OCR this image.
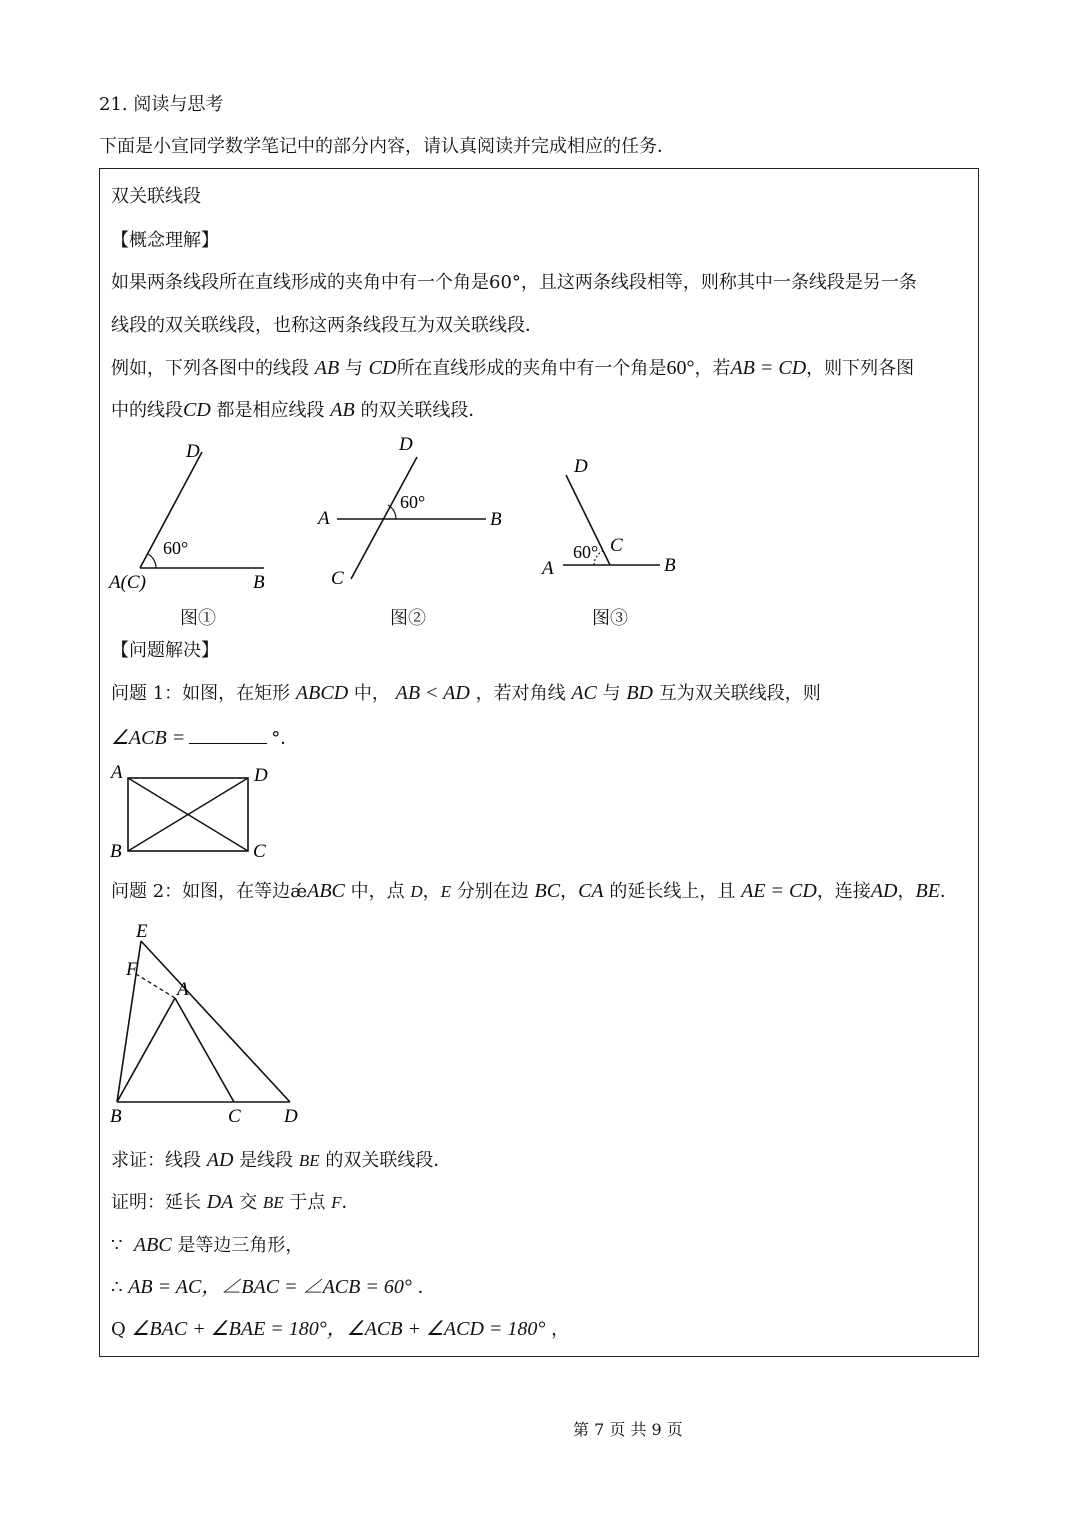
21. 阅读与思考
下面是小宣同学数学笔记中的部分内容，请认真阅读并完成相应的任务．
双关联线段
【概念理解】
如果两条线段所在直线形成的夹角中有一个角是60°，且这两条线段相等，则称其中一条线段是另一条
线段的双关联线段，也称这两条线段互为双关联线段．
例如，下列各图中的线段 AB 与 CD所在直线形成的夹角中有一个角是60°，若AB = CD，则下列各图
中的线段CD 都是相应线段 AB 的双关联线段．
D
60°
A(C)	B
图①
D
60°
A	B
C
图②
D
60° C
A	B
图③
【问题解决】
问题 1：如图，在矩形 ABCD 中， AB < AD ，若对角线 AC 与 BD 互为双关联线段，则
∠ACB =	°．
A	D
B	C
问题 2：如图，在等边ǽABC 中，点 D，E 分别在边 BC，CA 的延长线上，且 AE = CD，连接AD，BE．
E
F
A
B	C D
求证：线段 AD 是线段 BE 的双关联线段．
证明：延长 DA 交 BE 于点 F．
∵ ABC 是等边三角形，
∴ AB = AC，∠BAC = ∠ACB = 60° ．
Q ∠BAC + ∠BAE = 180°，∠ACB + ∠ACD = 180° ，
第 7 页 共 9 页
